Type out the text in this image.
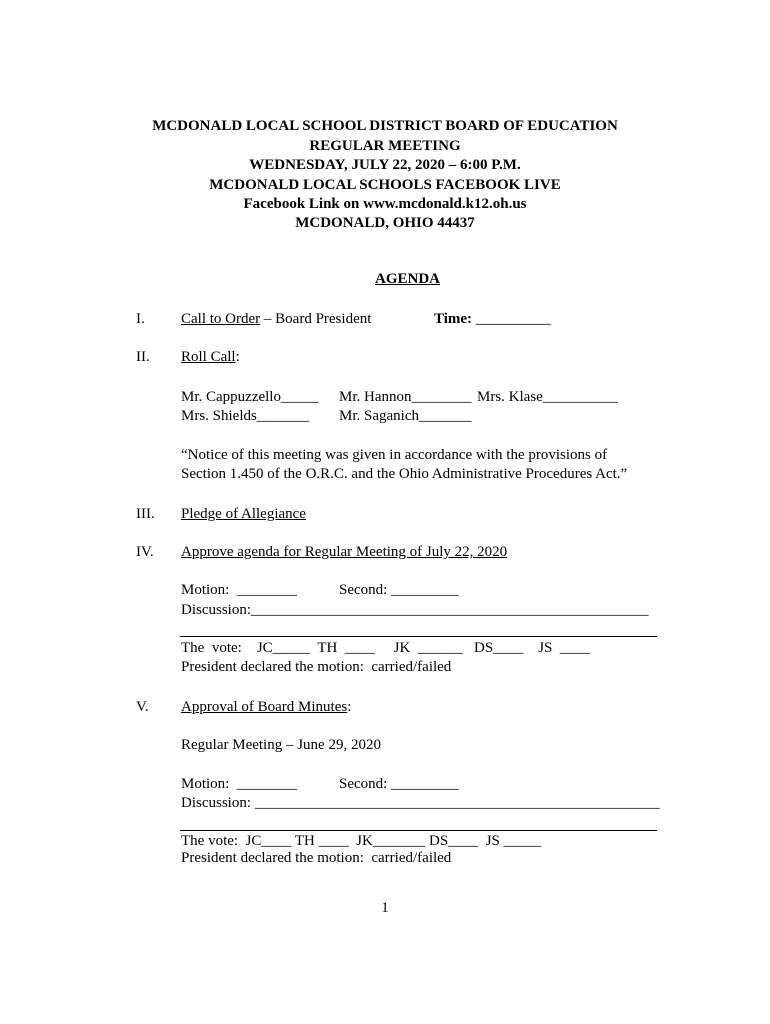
MCDONALD LOCAL SCHOOL DISTRICT BOARD OF EDUCATION
REGULAR MEETING
WEDNESDAY, JULY 22, 2020 – 6:00 P.M.
MCDONALD LOCAL SCHOOLS FACEBOOK LIVE
Facebook Link on www.mcdonald.k12.oh.us
MCDONALD, OHIO 44437
AGENDA
I. Call to Order – Board President	Time: __________
II. Roll Call:
Mr. Cappuzzello_____ Mr. Hannon________ Mrs. Klase__________
Mrs. Shields_______ Mr. Saganich_______
“Notice of this meeting was given in accordance with the provisions of
Section 1.450 of the O.R.C. and the Ohio Administrative Procedures Act.”
III. Pledge of Allegiance
IV. Approve agenda for Regular Meeting of July 22, 2020
Motion:  ________	Second: _________
Discussion:_____________________________________________________
The  vote:    JC_____  TH  ____     JK  ______   DS____    JS  ____
President declared the motion:  carried/failed
V. Approval of Board Minutes:
Regular Meeting – June 29, 2020
Motion:  ________	Second: _________
Discussion: ______________________________________________________
The vote:  JC____ TH ____  JK_______ DS____  JS _____
President declared the motion:  carried/failed
1
